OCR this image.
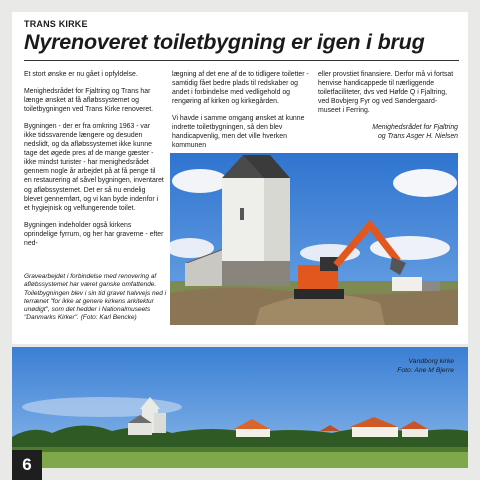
TRANS KIRKE
Nyrenoveret toiletbygning er igen i brug

Et stort ønske er nu gået i opfyldelse.

Menighedsrådet for Fjaltring og Trans har længe ønsket at få afløbssystemet og toiletbygningen ved Trans Kirke renoveret.

Bygningen - der er fra omkring 1963 - var ikke tidssvarende længere og desuden nedslidt, og da afløbssystemet ikke kunne tage det øgede pres af de mange gæster - ikke mindst turister - har menighedsrådet gennem nogle år arbejdet på at få penge til en restaurering af såvel bygningen, inventaret og afløbssystemet. Det er så nu endelig blevet gennemført, og vi kan byde indenfor i et hygiejnisk og velfungerende toilet.

Bygningen indeholder også kirkens oprindelige fyrrum, og her har graverne - efter ned-

lægning af det ene af de to tidligere toiletter - samtidig fået bedre plads til redskaber og andet i forbindelse med vedligehold og rengøring af kirken og kirkegården.

Vi havde i samme omgang ønsket at kunne indrette toiletbygningen, så den blev handicapvenlig, men det ville hverken kommunen

eller provstiet finansiere. Derfor må vi fortsat henvise handicappede til nærliggende toiletfaciliteter, dvs ved Høfde Q i Fjaltring, ved Bovbjerg Fyr og ved Søndergaard-museet i Ferring.

Menighedsrådet for Fjaltring
og Trans Asger H. Nielsen
Gravearbejdet i forbindelse med renovering af afløbssystemet har været ganske omfattende. Toiletbygningen blev i sin tid gravet halvvejs ned i terrænet "for ikke at genere kirkens arkitektur unødigt", som det hedder i Nationalmuseets "Danmarks Kirker". (Foto: Karl Bencke)
Vandborg kirke
Foto: Ane M Bjerre
6
